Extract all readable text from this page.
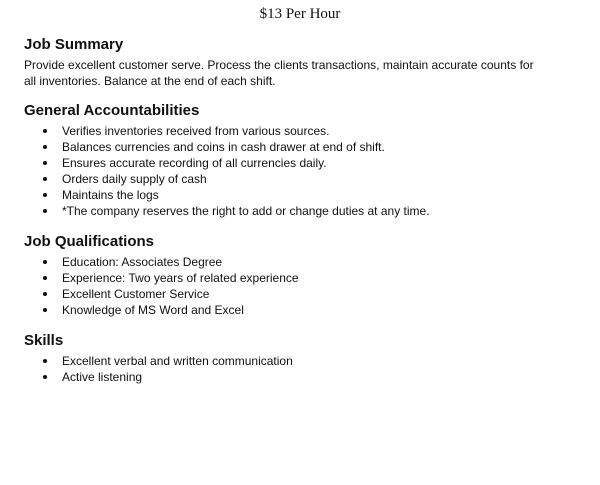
$13 Per Hour
Job Summary

Provide excellent customer serve. Process the clients transactions, maintain accurate counts for
all inventories. Balance at the end of each shift.

General Accountabilities
Verifies inventories received from various sources.
Balances currencies and coins in cash drawer at end of shift.
Ensures accurate recording of all currencies daily.
Orders daily supply of cash
Maintains the logs
*The company reserves the right to add or change duties at any time.
Job Qualifications
Education: Associates Degree
Experience: Two years of related experience
Excellent Customer Service
Knowledge of MS Word and Excel
Skills
Excellent verbal and written communication
Active listening
